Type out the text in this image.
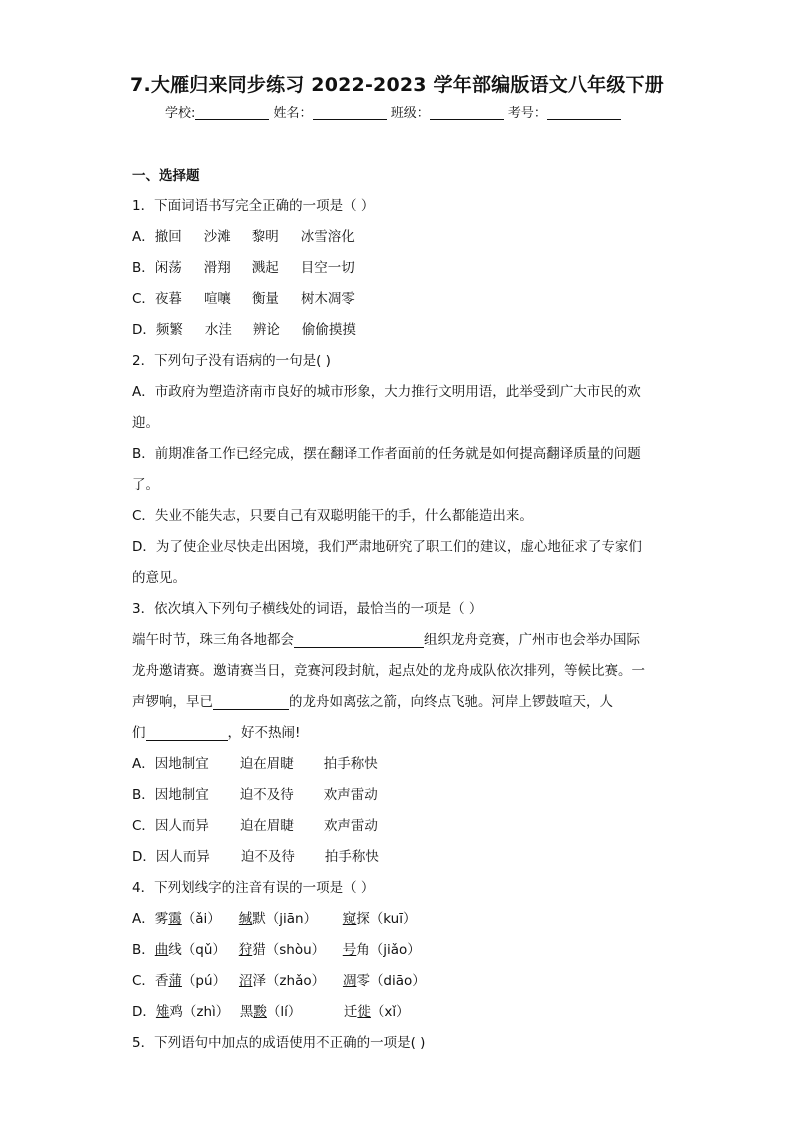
7.大雁归来同步练习 2022-2023 学年部编版语文八年级下册
学校:	姓名：	班级：	考号：
一、选择题
1．下面词语书写完全正确的一项是（ ）
A．撤回 沙滩 黎明 冰雪溶化
B．闲荡 滑翔 溅起 目空一切
C．夜暮 喧嚷 衡量 树木凋零
D．频繁 水洼 辨论 偷偷摸摸
2．下列句子没有语病的一句是( )
A．市政府为塑造济南市良好的城市形象，大力推行文明用语，此举受到广大市民的欢
迎。
B．前期准备工作已经完成，摆在翻译工作者面前的任务就是如何提高翻译质量的问题
了。
C．失业不能失志，只要自己有双聪明能干的手，什么都能造出来。
D．为了使企业尽快走出困境，我们严肃地研究了职工们的建议，虚心地征求了专家们
的意见。
3．依次填入下列句子横线处的词语，最恰当的一项是（ ）
端午时节，珠三角各地都会	组织龙舟竞赛，广州市也会举办国际
龙舟邀请赛。邀请赛当日，竞赛河段封航，起点处的龙舟成队依次排列，等候比赛。一
声锣响，早已	的龙舟如离弦之箭，向终点飞驰。河岸上锣鼓喧天，人
们	，好不热闹!
A．因地制宜 迫在眉睫 拍手称快
B．因地制宜 迫不及待 欢声雷动
C．因人而异 迫在眉睫 欢声雷动
D．因人而异 迫不及待 拍手称快
4．下列划线字的注音有误的一项是（ ）
A．雾霭（ǎi） 缄默（jiān） 窥探（kuī）
B．曲线（qǔ） 狩猎（shòu） 号角（jiǎo）
C．香蒲（pú） 沼泽（zhǎo） 凋零（diāo）
D．雉鸡（zhì） 黑黢（lí）	迁徙（xǐ）
5．下列语句中加点的成语使用不正确的一项是( )
